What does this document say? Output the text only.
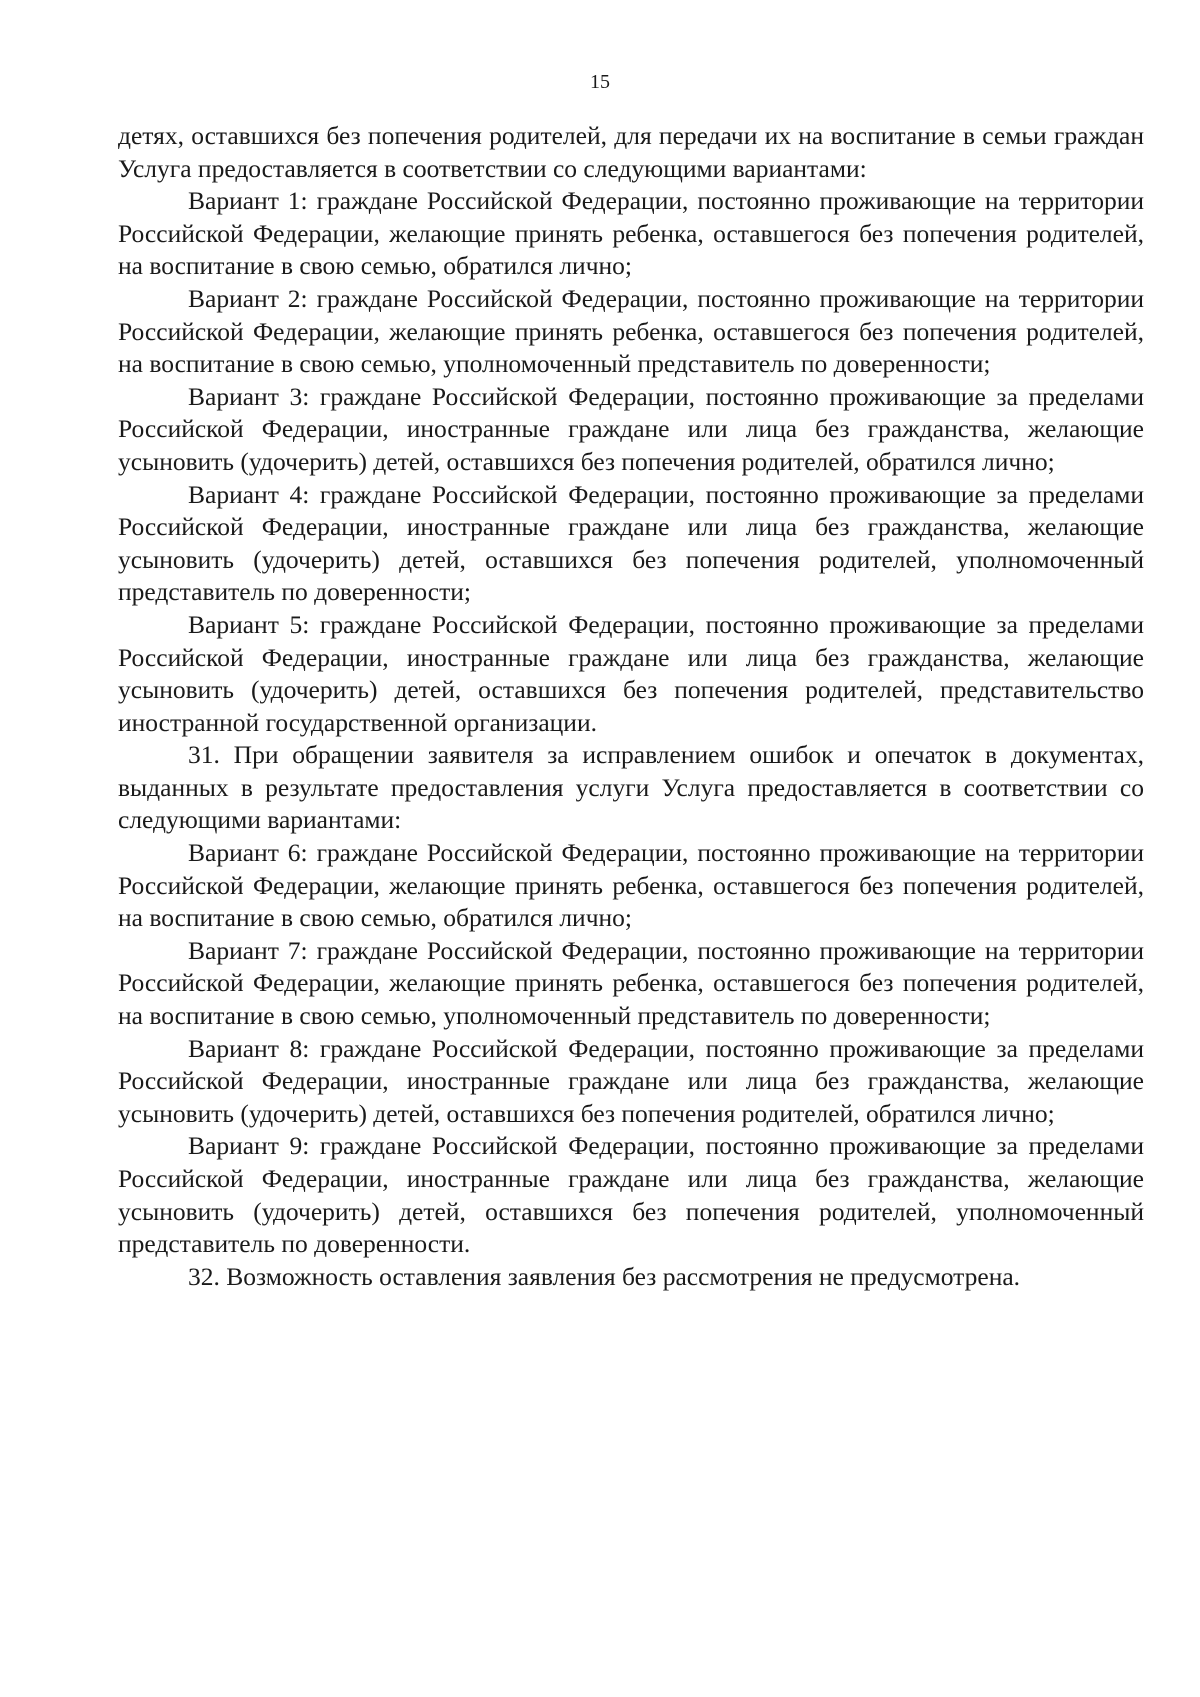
15

детях, оставшихся без попечения родителей, для передачи их на воспитание в семьи граждан Услуга предоставляется в соответствии со следующими вариантами:

Вариант 1: граждане Российской Федерации, постоянно проживающие на территории Российской Федерации, желающие принять ребенка, оставшегося без попечения родителей, на воспитание в свою семью, обратился лично;

Вариант 2: граждане Российской Федерации, постоянно проживающие на территории Российской Федерации, желающие принять ребенка, оставшегося без попечения родителей, на воспитание в свою семью, уполномоченный представитель по доверенности;

Вариант 3: граждане Российской Федерации, постоянно проживающие за пределами Российской Федерации, иностранные граждане или лица без гражданства, желающие усыновить (удочерить) детей, оставшихся без попечения родителей, обратился лично;

Вариант 4: граждане Российской Федерации, постоянно проживающие за пределами Российской Федерации, иностранные граждане или лица без гражданства, желающие усыновить (удочерить) детей, оставшихся без попечения родителей, уполномоченный представитель по доверенности;

Вариант 5: граждане Российской Федерации, постоянно проживающие за пределами Российской Федерации, иностранные граждане или лица без гражданства, желающие усыновить (удочерить) детей, оставшихся без попечения родителей, представительство иностранной государственной организации.

31. При обращении заявителя за исправлением ошибок и опечаток в документах, выданных в результате предоставления услуги Услуга предоставляется в соответствии со следующими вариантами:

Вариант 6: граждане Российской Федерации, постоянно проживающие на территории Российской Федерации, желающие принять ребенка, оставшегося без попечения родителей, на воспитание в свою семью, обратился лично;

Вариант 7: граждане Российской Федерации, постоянно проживающие на территории Российской Федерации, желающие принять ребенка, оставшегося без попечения родителей, на воспитание в свою семью, уполномоченный представитель по доверенности;

Вариант 8: граждане Российской Федерации, постоянно проживающие за пределами Российской Федерации, иностранные граждане или лица без гражданства, желающие усыновить (удочерить) детей, оставшихся без попечения родителей, обратился лично;

Вариант 9: граждане Российской Федерации, постоянно проживающие за пределами Российской Федерации, иностранные граждане или лица без гражданства, желающие усыновить (удочерить) детей, оставшихся без попечения родителей, уполномоченный представитель по доверенности.

32. Возможность оставления заявления без рассмотрения не предусмотрена.
